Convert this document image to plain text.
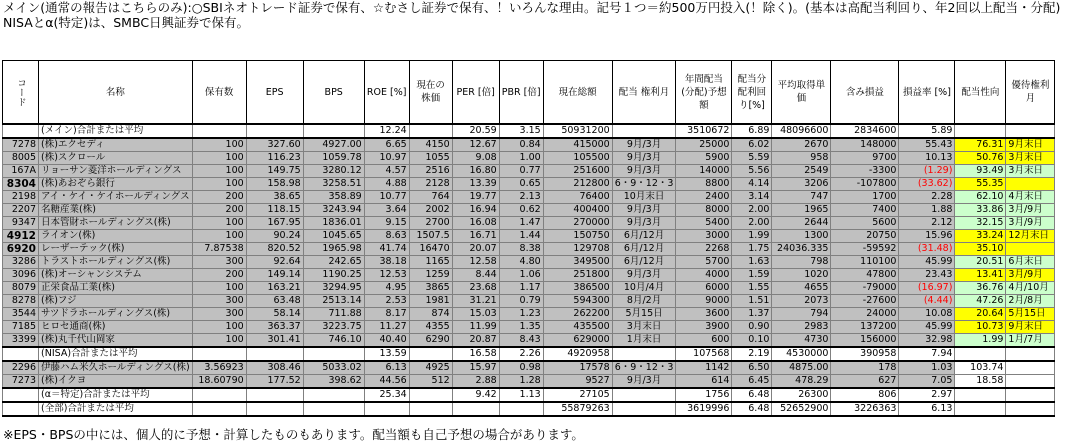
メイン(通常の報告はこちらのみ):○SBIネオトレード証券で保有、☆むさし証券で保有、！いろんな理由。記号１つ＝約500万円投入(！除く)。(基本は高配当利回り、年2回以上配当・分配)
NISAとα(特定)は、SMBC日興証券で保有。
コード	名称	保有数	EPS	BPS	ROE [%]	現在の 株価	PER [倍]	PBR [倍]	現在総額	配当 権利月	年間配当 (分配)予想 額	配当分 配利回 り[%]	平均取得単 価	含み損益	損益率 [%]	配当性向	優待権利 月
	(メイン)合計または平均				12.24		20.59	3.15	50931200		3510672	6.89	48096600	2834600	5.89		
7278	(株)エクセディ	100	327.60	4927.00	6.65	4150	12.67	0.84	415000	9月/3月	25000	6.02	2670	148000	55.43	76.31	9月末日
8005	(株)スクロール	100	116.23	1059.78	10.97	1055	9.08	1.00	105500	9月/3月	5900	5.59	958	9700	10.13	50.76	3月末日
167A	リョーサン菱洋ホールディングス	100	149.75	3280.12	4.57	2516	16.80	0.77	251600	9月/3月	14000	5.56	2549	-3300	(1.29)	93.49	3月末日
8304	(株)あおぞら銀行	100	158.98	3258.51	4.88	2128	13.39	0.65	212800	6・9・12・3	8800	4.14	3206	-107800	(33.62)	55.35	
2198	アイ・ケイ・ケイホールディングス	200	38.65	358.89	10.77	764	19.77	2.13	76400	10月末日	2400	3.14	747	1700	2.28	62.10	4月末日
2207	名糖産業(株)	200	118.15	3243.94	3.64	2002	16.94	0.62	400400	9月/3月	8000	2.00	1965	7400	1.88	33.86	3月/9月
9347	日本管財ホールディングス(株)	100	167.95	1836.01	9.15	2700	16.08	1.47	270000	9月/3月	5400	2.00	2644	5600	2.12	32.15	3月/9月
4912	ライオン(株)	100	90.24	1045.65	8.63	1507.5	16.71	1.44	150750	6月/12月	3000	1.99	1300	20750	15.96	33.24	12月末日
6920	レーザーテック(株)	7.87538	820.52	1965.98	41.74	16470	20.07	8.38	129708	6月/12月	2268	1.75	24036.335	-59592	(31.48)	35.10	
3286	トラストホールディングス(株)	300	92.64	242.65	38.18	1165	12.58	4.80	349500	6月/12月	5700	1.63	798	110100	45.99	20.51	6月末日
3096	(株)オーシャンシステム	200	149.14	1190.25	12.53	1259	8.44	1.06	251800	9月/3月	4000	1.59	1020	47800	23.43	13.41	3月/9月
8079	正栄食品工業(株)	100	163.21	3294.95	4.95	3865	23.68	1.17	386500	10月/4月	6000	1.55	4655	-79000	(16.97)	36.76	4月/10月
8278	(株)フジ	300	63.48	2513.14	2.53	1981	31.21	0.79	594300	8月/2月	9000	1.51	2073	-27600	(4.44)	47.26	2月/8月
3544	サツドラホールディングス(株)	300	58.14	711.88	8.17	874	15.03	1.23	262200	5月15日	3600	1.37	794	24000	10.08	20.64	5月15日
7185	ヒロセ通商(株)	100	363.37	3223.75	11.27	4355	11.99	1.35	435500	3月末日	3900	0.90	2983	137200	45.99	10.73	9月末日
3399	(株)丸千代山岡家	100	301.41	746.10	40.40	6290	20.87	8.43	629000	1月末日	600	0.10	4730	156000	32.98	1.99	1月/7月
	(NISA)合計または平均				13.59		16.58	2.26	4920958		107568	2.19	4530000	390958	7.94		
2296	伊藤ハム米久ホールディングス(株)	3.56923	308.46	5033.02	6.13	4925	15.97	0.98	17578	6・9・12・3	1142	6.50	4875.00	178	1.03	103.74	
7273	(株)イクヨ	18.60790	177.52	398.62	44.56	512	2.88	1.28	9527	9月/3月	614	6.45	478.29	627	7.05	18.58	
	(α＝特定)合計または平均				25.34		9.42	1.13	27105		1756	6.48	26300	806	2.97		
	(全部)合計または平均								55879263		3619996	6.48	52652900	3226363	6.13		
※EPS・BPSの中には、個人的に予想・計算したものもあります。配当額も自己予想の場合があります。
